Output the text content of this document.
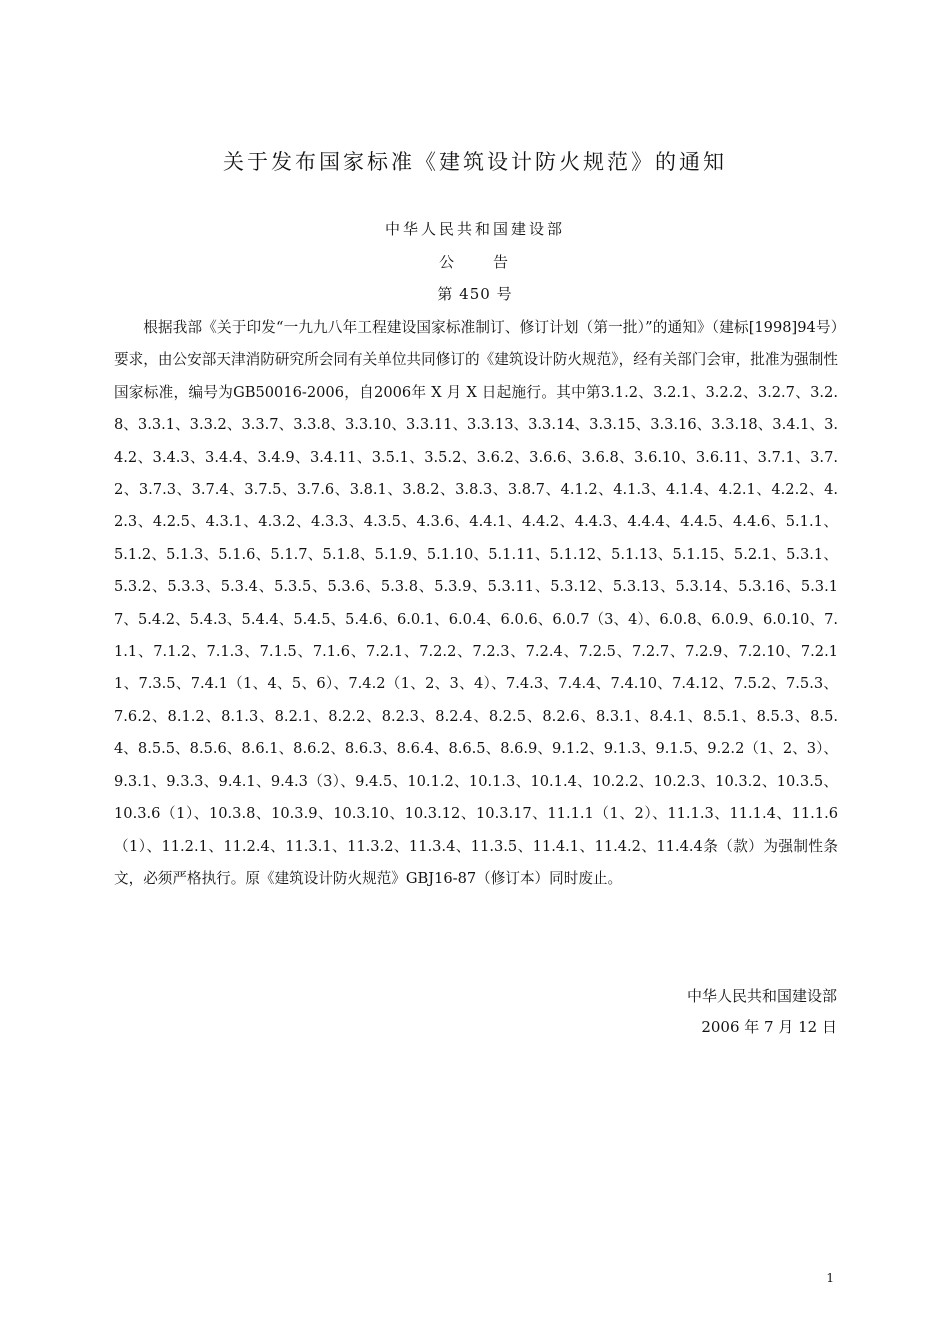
关于发布国家标准《建筑设计防火规范》的通知
中华人民共和国建设部
公　　告
第 450 号

根据我部《关于印发“一九九八年工程建设国家标准制订、修订计划（第一批）”的通知》（建标[1998]94号）要求，由公安部天津消防研究所会同有关单位共同修订的《建筑设计防火规范》，经有关部门会审，批准为强制性国家标准，编号为GB50016-2006，自2006年 X 月 X 日起施行。其中第3.1.2、3.2.1、3.2.2、3.2.7、3.2.8、3.3.1、3.3.2、3.3.7、3.3.8、3.3.10、3.3.11、3.3.13、3.3.14、3.3.15、3.3.16、3.3.18、3.4.1、3.4.2、3.4.3、3.4.4、3.4.9、3.4.11、3.5.1、3.5.2、3.6.2、3.6.6、3.6.8、3.6.10、3.6.11、3.7.1、3.7.2、3.7.3、3.7.4、3.7.5、3.7.6、3.8.1、3.8.2、3.8.3、3.8.7、4.1.2、4.1.3、4.1.4、4.2.1、4.2.2、4.2.3、4.2.5、4.3.1、4.3.2、4.3.3、4.3.5、4.3.6、4.4.1、4.4.2、4.4.3、4.4.4、4.4.5、4.4.6、5.1.1、5.1.2、5.1.3、5.1.6、5.1.7、5.1.8、5.1.9、5.1.10、5.1.11、5.1.12、5.1.13、5.1.15、5.2.1、5.3.1、5.3.2、5.3.3、5.3.4、5.3.5、5.3.6、5.3.8、5.3.9、5.3.11、5.3.12、5.3.13、5.3.14、5.3.16、5.3.17、5.4.2、5.4.3、5.4.4、5.4.5、5.4.6、6.0.1、6.0.4、6.0.6、6.0.7（3、4）、6.0.8、6.0.9、6.0.10、7.1.1、7.1.2、7.1.3、7.1.5、7.1.6、7.2.1、7.2.2、7.2.3、7.2.4、7.2.5、7.2.7、7.2.9、7.2.10、7.2.11、7.3.5、7.4.1（1、4、5、6）、7.4.2（1、2、3、4）、7.4.3、7.4.4、7.4.10、7.4.12、7.5.2、7.5.3、7.6.2、8.1.2、8.1.3、8.2.1、8.2.2、8.2.3、8.2.4、8.2.5、8.2.6、8.3.1、8.4.1、8.5.1、8.5.3、8.5.4、8.5.5、8.5.6、8.6.1、8.6.2、8.6.3、8.6.4、8.6.5、8.6.9、9.1.2、9.1.3、9.1.5、9.2.2（1、2、3）、9.3.1、9.3.3、9.4.1、9.4.3（3）、9.4.5、10.1.2、10.1.3、10.1.4、10.2.2、10.2.3、10.3.2、10.3.5、10.3.6（1）、10.3.8、10.3.9、10.3.10、10.3.12、10.3.17、11.1.1（1、2）、11.1.3、11.1.4、11.1.6（1）、11.2.1、11.2.4、11.3.1、11.3.2、11.3.4、11.3.5、11.4.1、11.4.2、11.4.4条（款）为强制性条文，必须严格执行。原《建筑设计防火规范》GBJ16-87（修订本）同时废止。

中华人民共和国建设部
2006 年 7 月 12 日
1
